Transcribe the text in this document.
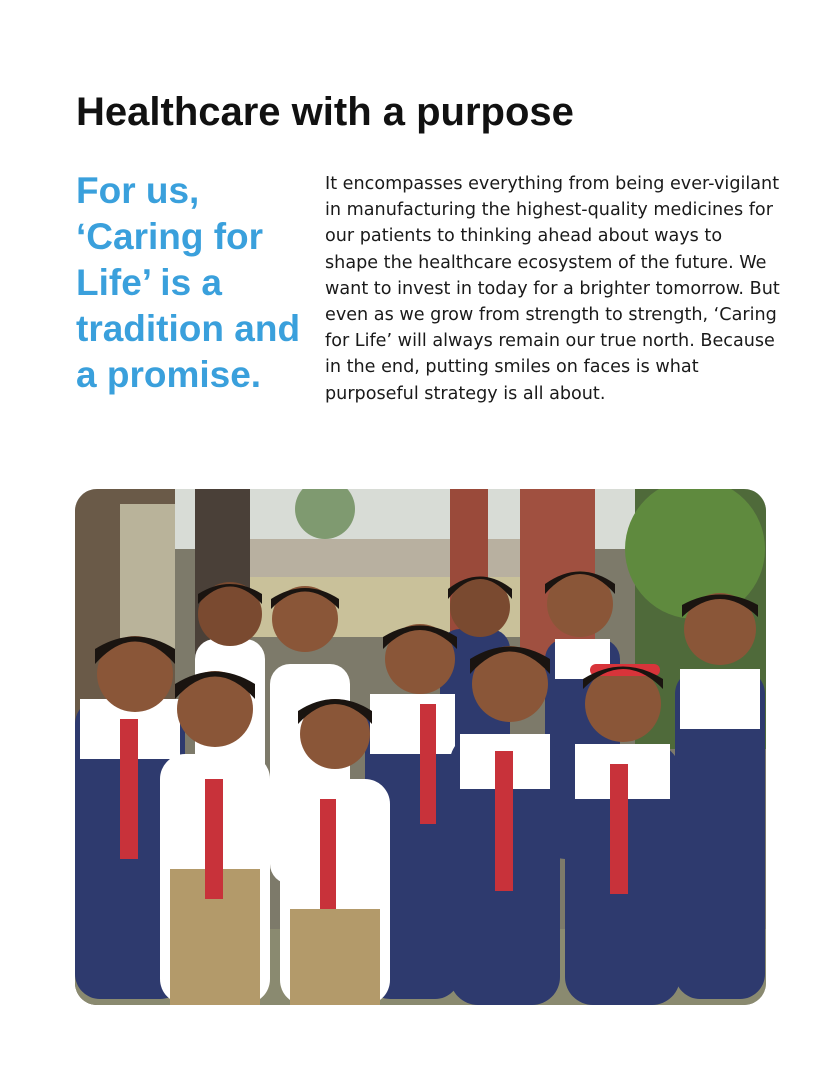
Healthcare with a purpose

For us, ‘Caring for Life’ is a tradition and a promise.

It encompasses everything from being ever-vigilant in manufacturing the highest-quality medicines for our patients to thinking ahead about ways to shape the healthcare ecosystem of the future. We want to invest in today for a brighter tomorrow. But even as we grow from strength to strength, ‘Caring for Life’ will always remain our true north. Because in the end, putting smiles on faces is what purposeful strategy is all about.
